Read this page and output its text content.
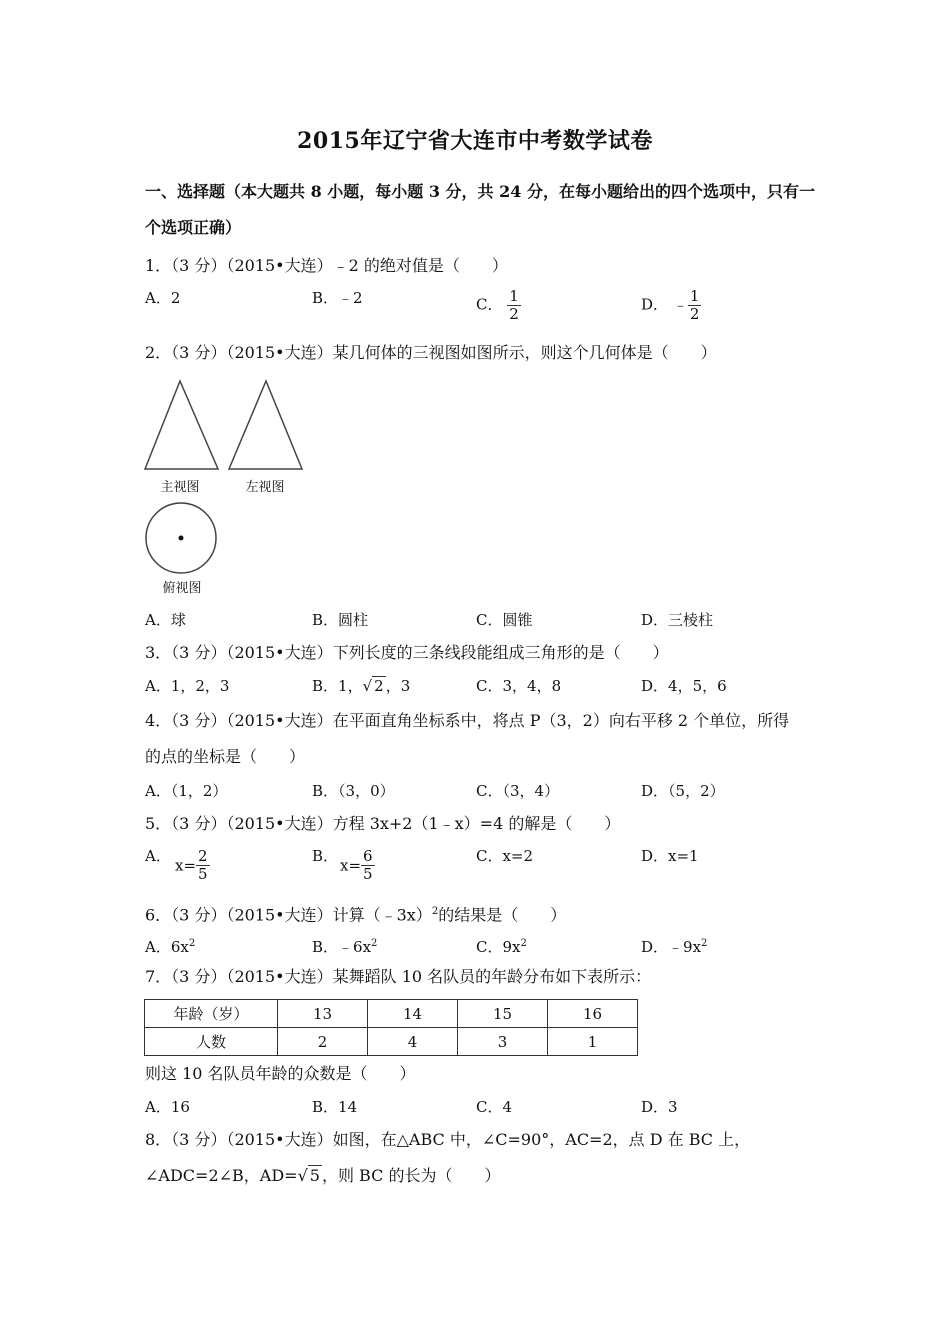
2015年辽宁省大连市中考数学试卷
一、选择题（本大题共 8 小题，每小题 3 分，共 24 分，在每小题给出的四个选项中，只有一个选项正确）
1．（3 分）（2015•大连）﹣2 的绝对值是（　　）
A．2	B．﹣2	C． $\frac{1}{2}$	D． ﹣ $\frac{1}{2}$
2．（3 分）（2015•大连）某几何体的三视图如图所示，则这个几何体是（　　）
主视图	左视图
俯视图
A．球	B．圆柱	C．圆锥	D．三棱柱
3．（3 分）（2015•大连）下列长度的三条线段能组成三角形的是（　　）
A．1，2，3	B．1，√ 2 ，3	C．3，4，8	D．4，5，6
4．（3 分）（2015•大连）在平面直角坐标系中，将点 P（3，2）向右平移 2 个单位，所得
的点的坐标是（　　）
A．（1，2）	B．（3，0）	C．（3，4）	D．（5，2）
5．（3 分）（2015•大连）方程 3x+2（1﹣x）=4 的解是（　　）
A．
$x= \frac{2}{5}$	B．
$x= \frac{6}{5}$	C．x=2	D．x=1
6．（3 分）（2015•大连）计算（﹣3x）$^2$的结果是（　　）
A．$6x^2$	B．$﹣6x^2$	C．$9x^2$	D．$﹣9x^2$
7．（3 分）（2015•大连）某舞蹈队 10 名队员的年龄分布如下表所示：
年龄（岁）	13	14	15	16
人数	2	4	3	1
则这 10 名队员年龄的众数是（　　）
A．16	B．14	C．4	D．3
8．（3 分）（2015•大连）如图，在△ABC 中，∠C=90°，AC=2，点 D 在 BC 上，
∠ADC=2∠B，AD=√ 5 ，则 BC 的长为（　　）
